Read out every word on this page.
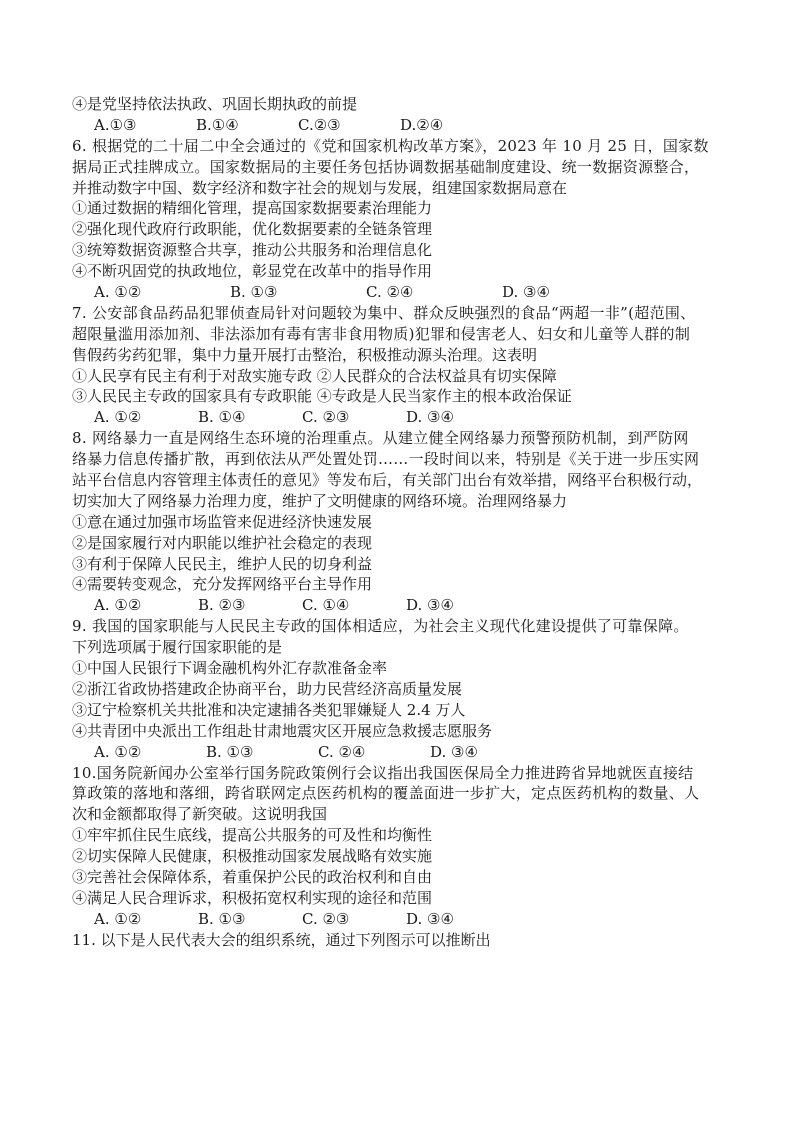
④是党坚持依法执政、巩固长期执政的前提
A.①③	B.①④	C.②③	D.②④
6. 根据党的二十届二中全会通过的《党和国家机构改革方案》，2023 年 10 月 25 日，国家数
据局正式挂牌成立。国家数据局的主要任务包括协调数据基础制度建设、统一数据资源整合，
并推动数字中国、数字经济和数字社会的规划与发展，组建国家数据局意在
①通过数据的精细化管理，提高国家数据要素治理能力
②强化现代政府行政职能，优化数据要素的全链条管理
③统筹数据资源整合共享，推动公共服务和治理信息化
④不断巩固党的执政地位，彰显党在改革中的指导作用
A. ①②	B. ①③	C. ②④	D. ③④
7. 公安部食品药品犯罪侦查局针对问题较为集中、群众反映强烈的食品“两超一非”(超范围、
超限量滥用添加剂、非法添加有毒有害非食用物质)犯罪和侵害老人、妇女和儿童等人群的制
售假药劣药犯罪，集中力量开展打击整治，积极推动源头治理。这表明
①人民享有民主有利于对敌实施专政 ②人民群众的合法权益具有切实保障
③人民民主专政的国家具有专政职能 ④专政是人民当家作主的根本政治保证
A. ①②	B. ①④	C. ②③	D. ③④
8. 网络暴力一直是网络生态环境的治理重点。从建立健全网络暴力预警预防机制，到严防网
络暴力信息传播扩散，再到依法从严处置处罚……一段时间以来，特别是《关于进一步压实网
站平台信息内容管理主体责任的意见》等发布后，有关部门出台有效举措，网络平台积极行动，
切实加大了网络暴力治理力度，维护了文明健康的网络环境。治理网络暴力
①意在通过加强市场监管来促进经济快速发展
②是国家履行对内职能以维护社会稳定的表现
③有利于保障人民民主，维护人民的切身利益
④需要转变观念，充分发挥网络平台主导作用
A. ①②	B. ②③	C. ①④	D. ③④
9. 我国的国家职能与人民民主专政的国体相适应，为社会主义现代化建设提供了可靠保障。
下列选项属于履行国家职能的是
①中国人民银行下调金融机构外汇存款准备金率
②浙江省政协搭建政企协商平台，助力民营经济高质量发展
③辽宁检察机关共批准和决定逮捕各类犯罪嫌疑人 2.4 万人
④共青团中央派出工作组赴甘肃地震灾区开展应急救援志愿服务
A. ①②	B. ①③	C. ②④	D. ③④
10.国务院新闻办公室举行国务院政策例行会议指出我国医保局全力推进跨省异地就医直接结
算政策的落地和落细，跨省联网定点医药机构的覆盖面进一步扩大，定点医药机构的数量、人
次和金额都取得了新突破。这说明我国
①牢牢抓住民生底线，提高公共服务的可及性和均衡性
②切实保障人民健康，积极推动国家发展战略有效实施
③完善社会保障体系，着重保护公民的政治权利和自由
④满足人民合理诉求，积极拓宽权利实现的途径和范围
A. ①②	B. ①③	C. ②③	D. ③④
11. 以下是人民代表大会的组织系统，通过下列图示可以推断出
